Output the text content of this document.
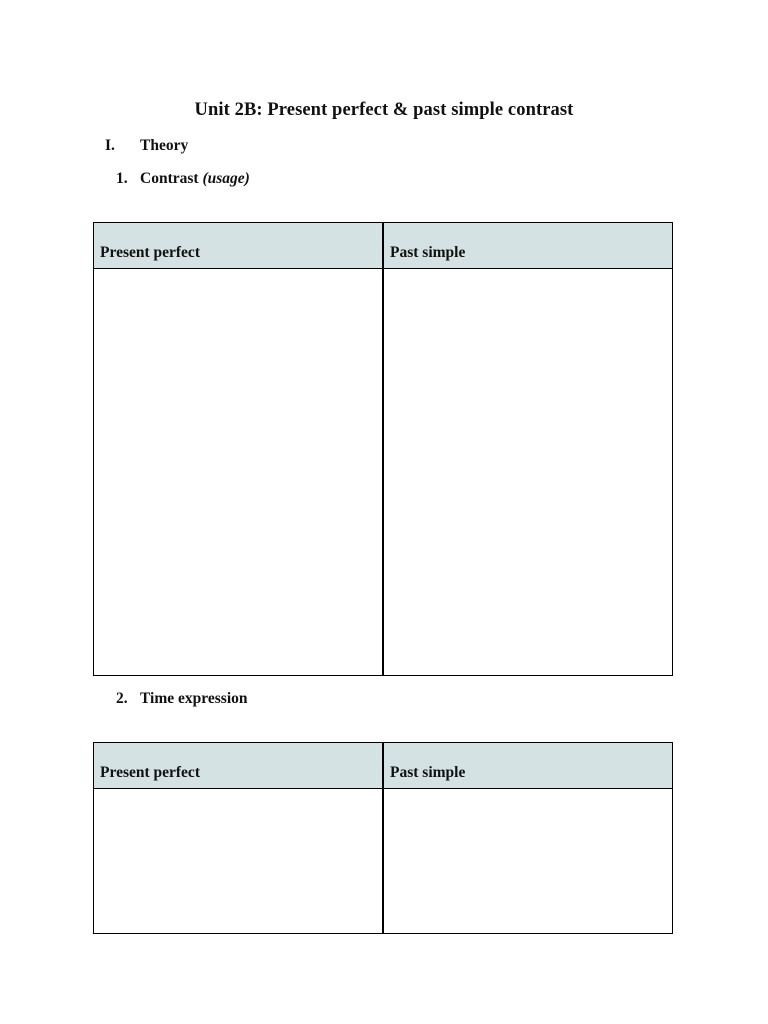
Unit 2B: Present perfect & past simple contrast
I. Theory
1. Contrast (usage)
Present perfect	Past simple

2. Time expression
Present perfect	Past simple
